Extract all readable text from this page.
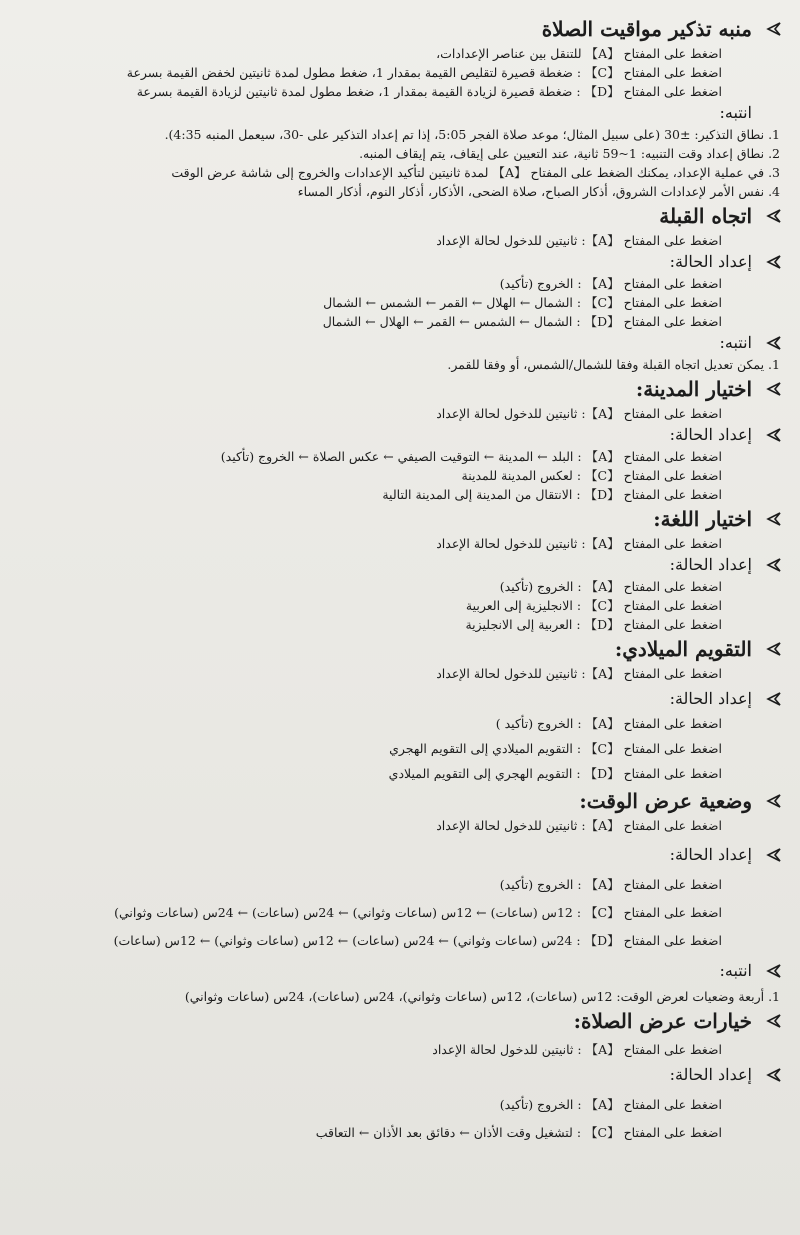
منبه تذكير مواقيت الصلاة
اضغط على المفتاح 【A】 للتنقل بين عناصر الإعدادات،
اضغط على المفتاح 【C】 : ضغطة قصيرة لتقليص القيمة بمقدار 1، ضغط مطول لمدة ثانيتين لخفض القيمة بسرعة
اضغط على المفتاح 【D】 : ضغطة قصيرة لزيادة القيمة بمقدار 1، ضغط مطول لمدة ثانيتين لزيادة القيمة بسرعة
انتبه:
1. نطاق التذكير: ±30 (على سبيل المثال؛ موعد صلاة الفجر 5:05، إذا تم إعداد التذكير على -30، سيعمل المنبه 4:35).
2. نطاق إعداد وقت التنبيه: 1~59 ثانية، عند التعيين على إيقاف، يتم إيقاف المنبه.
3. في عملية الإعداد، يمكنك الضغط على المفتاح 【A】 لمدة ثانيتين لتأكيد الإعدادات والخروج إلى شاشة عرض الوقت
4. نفس الأمر لإعدادات الشروق، أذكار الصباح، صلاة الضحى، الأذكار، أذكار النوم، أذكار المساء
اتجاه القبلة
اضغط على المفتاح 【A】: ثانيتين للدخول لحالة الإعداد
إعداد الحالة:
اضغط على المفتاح 【A】 : الخروج (تأكيد)
اضغط على المفتاح 【C】 : الشمال ← الهلال ← القمر ← الشمس ← الشمال
اضغط على المفتاح 【D】 : الشمال ← الشمس ← القمر ← الهلال ← الشمال
انتبه:
1. يمكن تعديل اتجاه القبلة وفقا للشمال/الشمس، أو وفقا للقمر.
اختيار المدينة:
اضغط على المفتاح 【A】: ثانيتين للدخول لحالة الإعداد
إعداد الحالة:
اضغط على المفتاح 【A】 : البلد ← المدينة ← التوقيت الصيفي ← عكس الصلاة ← الخروج (تأكيد)
اضغط على المفتاح 【C】 : لعكس المدينة للمدينة
اضغط على المفتاح 【D】 : الانتقال من المدينة إلى المدينة التالية
اختيار اللغة:
اضغط على المفتاح 【A】: ثانيتين للدخول لحالة الإعداد
إعداد الحالة:
اضغط على المفتاح 【A】 : الخروج (تأكيد)
اضغط على المفتاح 【C】 : الانجليزية إلى العربية
اضغط على المفتاح 【D】 : العربية إلى الانجليزية
التقويم الميلادي:
اضغط على المفتاح 【A】: ثانيتين للدخول لحالة الإعداد
إعداد الحالة:
اضغط على المفتاح 【A】 : الخروج (تأكيد )
اضغط على المفتاح 【C】 : التقويم الميلادي إلى التقويم الهجري
اضغط على المفتاح 【D】 : التقويم الهجري إلى التقويم الميلادي
وضعية عرض الوقت:
اضغط على المفتاح 【A】: ثانيتين للدخول لحالة الإعداد
إعداد الحالة:
اضغط على المفتاح 【A】 : الخروج (تأكيد)
اضغط على المفتاح 【C】 : 12س (ساعات) ← 12س (ساعات وثواني) ← 24س (ساعات) ← 24س (ساعات وثواني)
اضغط على المفتاح 【D】 : 24س (ساعات وثواني) ← 24س (ساعات) ← 12س (ساعات وثواني) ← 12س (ساعات)
انتبه:
1. أربعة وضعيات لعرض الوقت: 12س (ساعات)، 12س (ساعات وثواني)، 24س (ساعات)، 24س (ساعات وثواني)
خيارات عرض الصلاة:
اضغط على المفتاح 【A】 : ثانيتين للدخول لحالة الإعداد
إعداد الحالة:
اضغط على المفتاح 【A】 : الخروج (تأكيد)
اضغط على المفتاح 【C】 : لتشغيل وقت الأذان ← دقائق بعد الأذان ← التعاقب
